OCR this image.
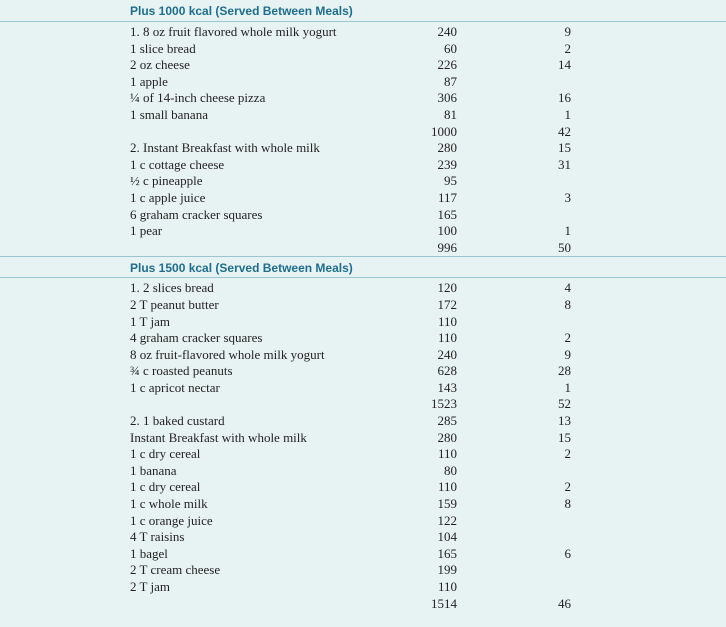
Plus 1000 kcal (Served Between Meals)
1. 8 oz fruit flavored whole milk yogurt	240	9
1 slice bread	60	2
2 oz cheese	226	14
1 apple	87
¼ of 14-inch cheese pizza	306	16
1 small banana	81	1
1000	42
2. Instant Breakfast with whole milk	280	15
1 c cottage cheese	239	31
½ c pineapple	95
1 c apple juice	117	3
6 graham cracker squares	165
1 pear	100	1
996	50
Plus 1500 kcal (Served Between Meals)
1. 2 slices bread	120	4
2 T peanut butter	172	8
1 T jam	110
4 graham cracker squares	110	2
8 oz fruit-flavored whole milk yogurt	240	9
¾ c roasted peanuts	628	28
1 c apricot nectar	143	1
1523	52
2. 1 baked custard	285	13
Instant Breakfast with whole milk	280	15
1 c dry cereal	110	2
1 banana	80
1 c dry cereal	110	2
1 c whole milk	159	8
1 c orange juice	122
4 T raisins	104
1 bagel	165	6
2 T cream cheese	199
2 T jam	110
1514	46
